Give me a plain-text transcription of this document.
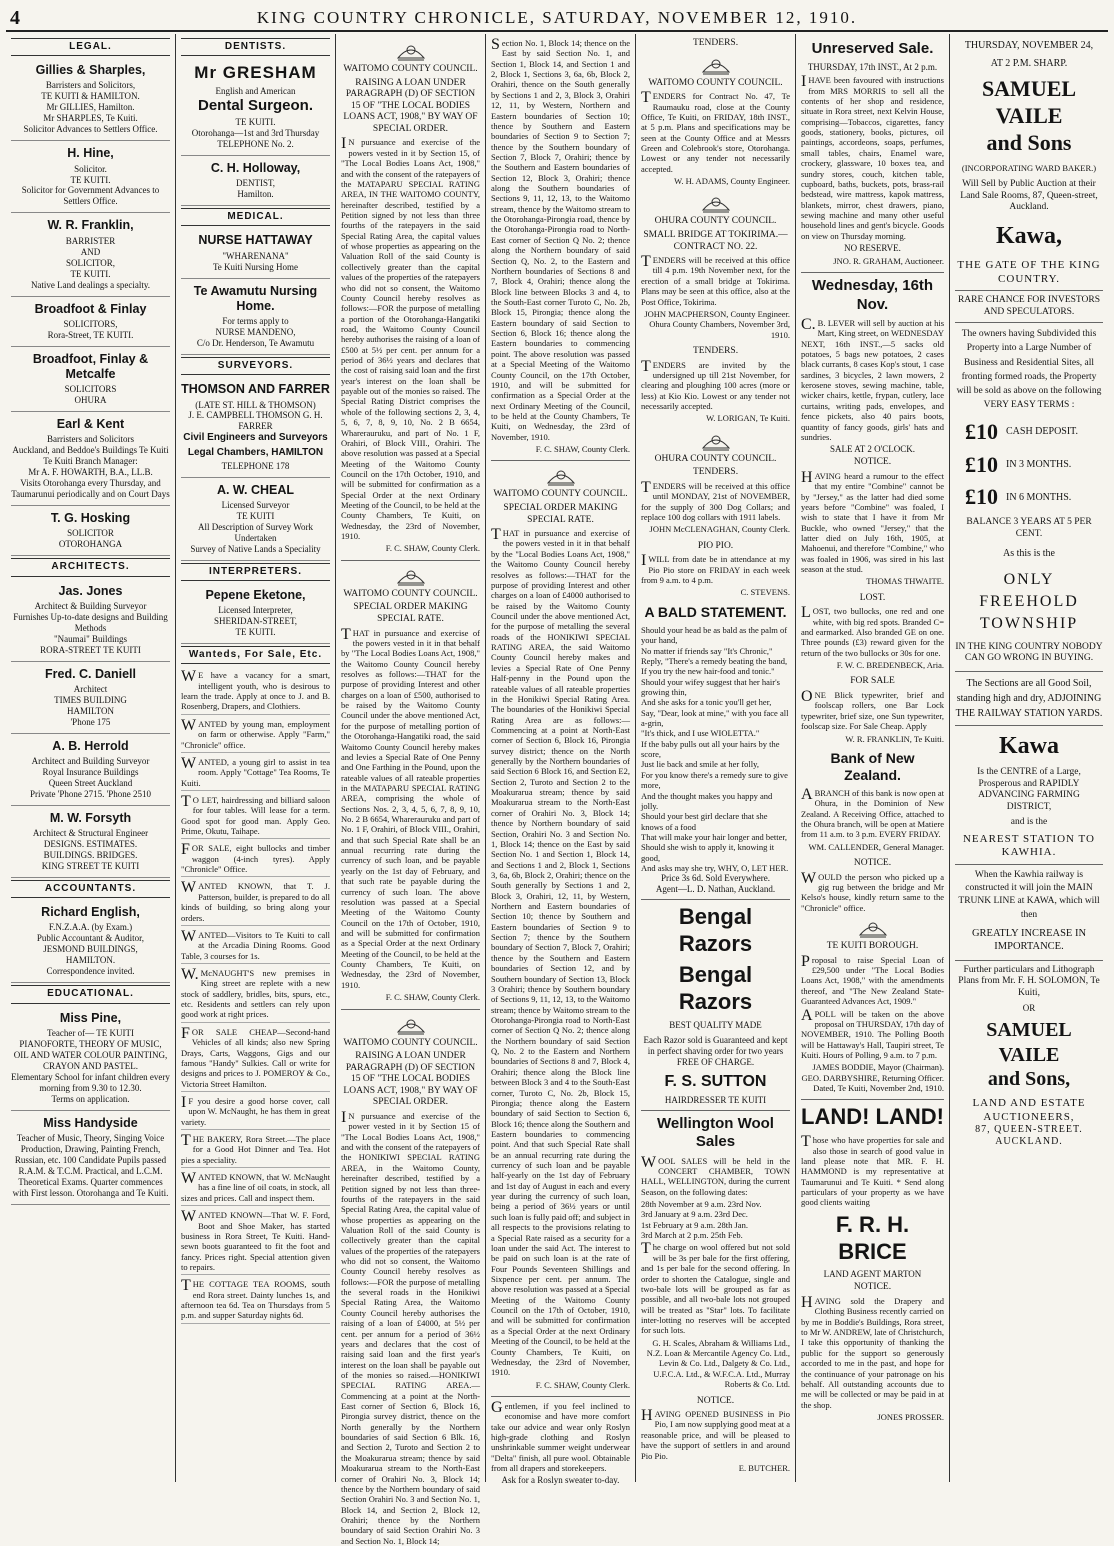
4	KING COUNTRY CHRONICLE, SATURDAY, NOVEMBER 12, 1910.
LEGAL.
Gillies & Sharples,
Barristers and Solicitors,
TE KUITI & HAMILTON.
Mr GILLIES, Hamilton.
Mr SHARPLES, Te Kuiti.
Solicitor Advances to Settlers Office.
H. Hine,
Solicitor.
TE KUITI.
Solicitor for Government Advances to Settlers Office.
W. R. Franklin,
BARRISTER
AND
SOLICITOR,
TE KUITI.
Native Land dealings a specialty.
Broadfoot & Finlay
SOLICITORS,
Rora-Street, TE KUITI.
Broadfoot, Finlay & Metcalfe
SOLICITORS
OHURA
Earl & Kent
Barristers and Solicitors
Auckland, and Beddoe's Buildings Te Kuiti
Te Kuiti Branch Manager:
Mr A. F. HOWARTH, B.A., LL.B.
Visits Otorohanga every Thursday, and Taumarunui periodically and on Court Days
T. G. Hosking
SOLICITOR
OTOROHANGA
ARCHITECTS.
Jas. Jones
Architect & Building Surveyor
Furnishes Up-to-date designs and Building Methods
"Naumai" Buildings
RORA-STREET TE KUITI
Fred. C. Daniell
Architect
TIMES BUILDING
HAMILTON
'Phone 175
A. B. Herrold
Architect and Building Surveyor
Royal Insurance Buildings
Queen Street Auckland
Private 'Phone 2715. 'Phone 2510
M. W. Forsyth
Architect & Structural Engineer
DESIGNS. ESTIMATES.
BUILDINGS. BRIDGES.
KING STREET TE KUITI
ACCOUNTANTS.
Richard English,
F.N.Z.A.A. (by Exam.)
Public Accountant & Auditor,
JESMOND BUILDINGS,
HAMILTON.
Correspondence invited.
EDUCATIONAL.
Miss Pine,
Teacher of— TE KUITI
PIANOFORTE, THEORY OF MUSIC, OIL AND WATER COLOUR PAINTING, CRAYON AND PASTEL.
Elementary School for infant children every morning from 9.30 to 12.30.
Terms on application.
Miss Handyside
Teacher of Music, Theory, Singing Voice Production, Drawing, Painting French, Russian, etc. 100 Candidate Pupils passed R.A.M. & T.C.M. Practical, and L.C.M. Theoretical Exams. Quarter commences with First lesson. Otorohanga and Te Kuiti.
DENTISTS.
Mr GRESHAM
English and American
Dental Surgeon.
TE KUITI.
Otorohanga—1st and 3rd Thursday
TELEPHONE No. 2.
C. H. Holloway,
DENTIST,
Hamilton.
MEDICAL.
NURSE HATTAWAY
"WHARENANA"
Te Kuiti Nursing Home
Te Awamutu Nursing Home.
For terms apply to
NURSE MANDENO,
C/o Dr. Henderson, Te Awamutu
SURVEYORS.
THOMSON AND FARRER
(LATE ST. HILL & THOMSON)
J. E. CAMPBELL THOMSON G. H. FARRER
Civil Engineers and Surveyors
Legal Chambers, HAMILTON
TELEPHONE 178
A. W. CHEAL
Licensed Surveyor
TE KUITI
All Description of Survey Work Undertaken
Survey of Native Lands a Speciality
INTERPRETERS.
Pepene Eketone,
Licensed Interpreter,
SHERIDAN-STREET,
TE KUITI.
Wanteds, For Sale, Etc.
WE have a vacancy for a smart, intelligent youth, who is desirous to learn the trade. Apply at once to J. and B. Rosenberg, Drapers, and Clothiers.
WANTED by young man, employment on farm or otherwise. Apply "Farm," "Chronicle" office.
WANTED, a young girl to assist in tea room. Apply "Cottage" Tea Rooms, Te Kuiti.
TO LET, hairdressing and billiard saloon for four tables. Will lease for a term. Good spot for good man. Apply Geo. Prime, Okutu, Taihape.
FOR SALE, eight bullocks and timber waggon (4-inch tyres). Apply "Chronicle" Office.
WANTED KNOWN, that T. J. Patterson, builder, is prepared to do all kinds of building, so bring along your orders.
WANTED—Visitors to Te Kuiti to call at the Arcadia Dining Rooms. Good Table, 3 courses for 1s.
W.McNAUGHT'S new premises in King street are replete with a new stock of saddlery, bridles, bits, spurs, etc., etc. Residents and settlers can rely upon good work at right prices.
FOR SALE CHEAP—Second-hand Vehicles of all kinds; also new Spring Drays, Carts, Waggons, Gigs and our famous "Handy" Sulkies. Call or write for designs and prices to J. POMEROY & Co., Victoria Street Hamilton.
IF you desire a good horse cover, call upon W. McNaught, he has them in great variety.
THE BAKERY, Rora Street.—The place for a Good Hot Dinner and Tea. Hot pies a speciality.
WANTED KNOWN, that W. McNaught has a fine line of oil coats, in stock, all sizes and prices. Call and inspect them.
WANTED KNOWN—That W. F. Ford, Boot and Shoe Maker, has started business in Rora Street, Te Kuiti. Hand-sewn boots guaranteed to fit the foot and fancy. Prices right. Special attention given to repairs.
THE COTTAGE TEA ROOMS, south end Rora street. Dainty lunches 1s, and afternoon tea 6d. Tea on Thursdays from 5 p.m. and supper Saturday nights 6d.
WAITOMO COUNTY COUNCIL.
RAISING A LOAN UNDER PARAGRAPH (D) OF SECTION 15 OF "THE LOCAL BODIES LOANS ACT, 1908," BY WAY OF SPECIAL ORDER.
IN pursuance and exercise of the powers vested in it by Section 15, of "The Local Bodies Loans Act, 1908," and with the consent of the ratepayers of the MATAPARU SPECIAL RATING AREA, IN THE WAITOMO COUNTY, hereinafter described, testified by a Petition signed by not less than three fourths of the ratepayers in the said Special Rating Area, the capital values of whose properties as appearing on the Valuation Roll of the said County is collectively greater than the capital values of the properties of the ratepayers who did not so consent, the Waitomo County Council hereby resolves as follows:—FOR the purpose of metalling a portion of the Otorohanga-Hangatiki road, the Waitomo County Council hereby authorises the raising of a loan of £500 at 5½ per cent. per annum for a period of 36½ years and declares that the cost of raising said loan and the first year's interest on the loan shall be payable out of the monies so raised. The Special Rating District comprises the whole of the following sections 2, 3, 4, 5, 6, 7, 8, 9, 10, No. 2 B 6654, Wharerauruku, and part of No. 1 F, Orahiri, of Block VIII., Orahiri. The above resolution was passed at a Special Meeting of the Waitomo County Council on the 17th October, 1910, and will be submitted for confirmation as a Special Order at the next Ordinary Meeting of the Council, to be held at the County Chambers, Te Kuiti, on Wednesday, the 23rd of November, 1910.
F. C. SHAW, County Clerk.
WAITOMO COUNTY COUNCIL.
SPECIAL ORDER MAKING SPECIAL RATE.
THAT in pursuance and exercise of the powers vested in it in that behalf by "The Local Bodies Loans Act, 1908," the Waitomo County Council hereby resolves as follows:—THAT for the purpose of providing Interest and other charges on a loan of £500, authorised to be raised by the Waitomo County Council under the above mentioned Act, for the purpose of metalling portion of the Otorohanga-Hangatiki road, the said Waitomo County Council hereby makes and levies a Special Rate of One Penny and One Farthing in the Pound, upon the rateable values of all rateable properties in the MATAPARU SPECIAL RATING AREA, comprising the whole of Sections Nos. 2, 3, 4, 5, 6, 7, 8, 9, 10, No. 2 B 6654, Wharerauruku and part of No. 1 F, Orahiri, of Block VIII., Orahiri, and that such Special Rate shall be an annual recurring rate during the currency of such loan, and be payable yearly on the 1st day of February, and that such rate be payable during the currency of such loan. The above resolution was passed at a Special Meeting of the Waitomo County Council on the 17th of October, 1910, and will be submitted for confirmation as a Special Order at the next Ordinary Meeting of the Council, to be held at the County Chambers, Te Kuiti, on Wednesday, the 23rd of November, 1910.
F. C. SHAW, County Clerk.
WAITOMO COUNTY COUNCIL.
RAISING A LOAN UNDER PARAGRAPH (D) OF SECTION 15 OF "THE LOCAL BODIES LOANS ACT, 1908," BY WAY OF SPECIAL ORDER.
IN pursuance and exercise of the power vested in it by Section 15 of "The Local Bodies Loans Act, 1908," and with the consent of the ratepayers of the HONIKIWI SPECIAL RATING AREA, in the Waitomo County, hereinafter described, testified by a Petition signed by not less than three-fourths of the ratepayers in the said Special Rating Area, the capital value of whose properties as appearing on the Valuation Roll of the said County is collectively greater than the capital values of the properties of the ratepayers who did not so consent, the Waitomo County Council hereby resolves as follows:—FOR the purpose of metalling the several roads in the Honikiwi Special Rating Area, the Waitomo County Council hereby authorises the raising of a loan of £4000, at 5½ per cent. per annum for a period of 36½ years and declares that the cost of raising said loan and the first year's interest on the loan shall be payable out of the monies so raised.—HONIKIWI SPECIAL RATING AREA.—Commencing at a point at the North-East corner of Section 6, Block 16, Pirongia survey district, thence on the North generally by the Northern boundaries of said Section 6 Blk. 16, and Section 2, Turoto and Section 2 to the Moakurarua stream; thence by said Moakurarua stream to the North-East corner of Orahiri No. 3, Block 14; thence by the Northern boundary of said Section Orahiri No. 3 and Section No. 1, Block 14, and Section 2, Block 12, Orahiri; thence by the Northern boundary of said Section Orahiri No. 3 and Section No. 1, Block 14;
Section No. 1, Block 14; thence on the East by said Section No. 1, and Section 1, Block 14, and Section 1 and 2, Block 1, Sections 3, 6a, 6b, Block 2, Orahiri, thence on the South generally by Sections 1 and 2, 3, Block 3, Orahiri 12, 11, by Western, Northern and Eastern boundaries of Section 10; thence by Southern and Eastern boundaries of Section 9 to Section 7; thence by the Southern boundary of Section 7, Block 7, Orahiri; thence by the Southern and Eastern boundaries of Section 12, Block 3, Orahiri; thence along the Southern boundaries of Sections 9, 11, 12, 13, to the Waitomo stream, thence by the Waitomo stream to the Otorohanga-Pirongia road, thence by the Otorohanga-Pirongia road to North-East corner of Section Q No. 2; thence along the Northern boundary of said Section Q, No. 2, to the Eastern and Northern boundaries of Sections 8 and 7, Block 4, Orahiri; thence along the Block line between Blocks 3 and 4, to the South-East corner Turoto C, No. 2b, Block 15, Pirongia; thence along the Eastern boundary of said Section to Section 6, Block 16; thence along the Eastern boundaries to commencing point. The above resolution was passed at a Special Meeting of the Waitomo County Council, on the 17th October, 1910, and will be submitted for confirmation as a Special Order at the next Ordinary Meeting of the Council, to be held at the County Chambers, Te Kuiti, on Wednesday, the 23rd of November, 1910.
F. C. SHAW, County Clerk.
WAITOMO COUNTY COUNCIL.
SPECIAL ORDER MAKING SPECIAL RATE.
THAT in pursuance and exercise of the powers vested in it in that behalf by the "Local Bodies Loans Act, 1908," the Waitomo County Council hereby resolves as follows:—THAT for the purpose of providing Interest and other charges on a loan of £4000 authorised to be raised by the Waitomo County Council under the above mentioned Act, for the purpose of metalling the several roads of the HONIKIWI SPECIAL RATING AREA, the said Waitomo County Council hereby makes and levies a Special Rate of One Penny Half-penny in the Pound upon the rateable values of all rateable properties in the Honikiwi Special Rating Area. The boundaries of the Honikiwi Special Rating Area are as follows:—Commencing at a point at North-East corner of Section 6, Block 16, Pirongia survey district; thence on the North generally by the Northern boundaries of said Section 6 Block 16, and Section E2, Section 2, Turoto and Section 2 to the Moakurarua stream; thence by said Moakurarua stream to the North-East corner of Orahiri No. 3, Block 14; thence by Northern boundary of said Section, Orahiri No. 3 and Section No. 1, Block 14; thence on the East by said Section No. 1 and Section 1, Block 14, and Sections 1 and 2, Block 1, Sections 3, 6a, 6b, Block 2, Orahiri; thence on the South generally by Sections 1 and 2, Block 3, Orahiri, 12, 11, by Western, Northern and Eastern boundaries of Section 10; thence by Southern and Eastern boundaries of Section 9 to Section 7; thence by the Southern boundary of Section 7, Block 7, Orahiri; thence by the Southern and Eastern boundaries of Section 12, and by Southern boundary of Section 13, Block 3 Orahiri; thence by Southern boundary of Sections 9, 11, 12, 13, to the Waitomo stream; thence by Waitomo stream to the Otorohanga-Pirongia road to North-East corner of Section Q No. 2; thence along the Northern boundary of said Section Q, No. 2 to the Eastern and Northern boundaries of Sections 8 and 7, Block 4, Orahiri; thence along the Block line between Block 3 and 4 to the South-East corner, Turoto C, No. 2b, Block 15, Pirongia; thence along the Eastern boundary of said Section to Section 6, Block 16; thence along the Southern and Eastern boundaries to commencing point. And that such Special Rate shall be an annual recurring rate during the currency of such loan and be payable half-yearly on the 1st day of February and 1st day of August in each and every year during the currency of such loan, being a period of 36½ years or until such loan is fully paid off; and subject in all respects to the provisions relating to a Special Rate raised as a security for a loan under the said Act. The interest to be paid on such loan is at the rate of Four Pounds Seventeen Shillings and Sixpence per cent. per annum. The above resolution was passed at a Special Meeting of the Waitomo County Council on the 17th of October, 1910, and will be submitted for confirmation as a Special Order at the next Ordinary Meeting of the Council, to be held at the County Chambers, Te Kuiti, on Wednesday, the 23rd of November, 1910.
F. C. SHAW, County Clerk.
Gentlemen, if you feel inclined to economise and have more comfort take our advice and wear only Roslyn high-grade clothing and Roslyn unshrinkable summer weight underwear "Delta" finish, all pure wool. Obtainable from all drapers and storekeepers.
Ask for a Roslyn sweater to-day.
TENDERS.
WAITOMO COUNTY COUNCIL.
TENDERS for Contract No. 47, Te Raumauku road, close at the County Office, Te Kuiti, on FRIDAY, 18th INST., at 5 p.m. Plans and specifications may be seen at the County Office and at Messrs Green and Colebrook's store, Otorohanga. Lowest or any tender not necessarily accepted.
W. H. ADAMS, County Engineer.
OHURA COUNTY COUNCIL.
SMALL BRIDGE AT TOKIRIMA.—CONTRACT NO. 22.
TENDERS will be received at this office till 4 p.m. 19th November next, for the erection of a small bridge at Tokirima. Plans may be seen at this office, also at the Post Office, Tokirima.
JOHN MACPHERSON, County Engineer. Ohura County Chambers, November 3rd, 1910.
TENDERS.
TENDERS are invited by the undersigned up till 21st November, for clearing and ploughing 100 acres (more or less) at Kio Kio. Lowest or any tender not necessarily accepted.
W. LORIGAN, Te Kuiti.
OHURA COUNTY COUNCIL.
TENDERS.
TENDERS will be received at this office until MONDAY, 21st of NOVEMBER, for the supply of 300 Dog Collars; and replace 100 dog collars with 1911 labels.
JOHN McCLENAGHAN, County Clerk.
PIO PIO.
IWILL from date be in attendance at my Pio Pio store on FRIDAY in each week from 9 a.m. to 4 p.m.
C. STEVENS.
A BALD STATEMENT.
Should your head be as bald as the palm of your hand,
No matter if friends say "It's Chronic,"
Reply, "There's a remedy beating the band,
If you try the new hair-food and tonic."
Should your wifey suggest that her hair's growing thin,
And she asks for a tonic you'll get her,
Say, "Dear, look at mine," with you face all a-grin,
"It's thick, and I use WIOLETTA."
If the baby pulls out all your hairs by the score,
Just lie back and smile at her folly,
For you know there's a remedy sure to give more,
And the thought makes you happy and jolly.
Should your best girl declare that she knows of a food
That will make your hair longer and better,
Should she wish to apply it, knowing it good,
And asks may she try, WHY, O, LET HER.
Price 3s 6d. Sold Everywhere.
Agent—L. D. Nathan, Auckland.
Bengal Razors
Bengal Razors
BEST QUALITY MADE
Each Razor sold is Guaranteed and kept in perfect shaving order for two years FREE OF CHARGE.
F. S. SUTTON
HAIRDRESSER TE KUITI
Wellington Wool Sales
WOOL SALES will be held in the CONCERT CHAMBER, TOWN HALL, WELLINGTON, during the current Season, on the following dates:
28th November at 9 a.m. 23rd Nov.
3rd January at 9 a.m. 23rd Dec.
1st February at 9 a.m. 28th Jan.
3rd March at 2 p.m. 25th Feb.
The charge on wool offered but not sold will be 3s per bale for the first offering, and 1s per bale for the second offering. In order to shorten the Catalogue, single and two-bale lots will be grouped as far as possible, and all two-bale lots not grouped will be treated as "Star" lots. To facilitate inter-lotting no reserves will be accepted for such lots.
G. H. Scales, Abraham & Williams Ltd., N.Z. Loan & Mercantile Agency Co. Ltd., Levin & Co. Ltd., Dalgety & Co. Ltd., U.F.C.A. Ltd., & W.F.C.A. Ltd., Murray Roberts & Co. Ltd.
NOTICE.
HAVING OPENED BUSINESS in Pio Pio, I am now supplying good meat at a reasonable price, and will be pleased to have the support of settlers in and around Pio Pio.
E. BUTCHER.
Unreserved Sale.
THURSDAY, 17th INST., At 2 p.m.
IHAVE been favoured with instructions from MRS MORRIS to sell all the contents of her shop and residence, situate in Rora street, next Kelvin House, comprising—Tobaccos, cigarettes, fancy goods, stationery, books, pictures, oil paintings, accordeons, soaps, perfumes, small tables, chairs, Enamel ware, crockery, glassware, 10 boxes tea, and sundry stores, couch, kitchen table, cupboard, baths, buckets, pots, brass-rail bedstead, wire mattress, kapok mattress, blankets, mirror, chest drawers, piano, sewing machine and many other useful household lines and gent's bicycle. Goods on view on Thursday morning.
NO RESERVE.
JNO. R. GRAHAM, Auctioneer.
Wednesday, 16th Nov.
C.B. LEVER will sell by auction at his Mart, King street, on WEDNESDAY NEXT, 16th INST.,—5 sacks old potatoes, 5 bags new potatoes, 2 cases black currants, 8 cases Kop's stout, 1 case sardines, 3 bicycles, 2 lawn mowers, 2 kerosene stoves, sewing machine, table, wicker chairs, kettle, frypan, cutlery, lace curtains, writing pads, envelopes, and fence pickets, also 40 pairs boots, quantity of fancy goods, girls' hats and sundries.
SALE AT 2 O'CLOCK.
NOTICE.
HAVING heard a rumour to the effect that my entire "Combine" cannot be by "Jersey," as the latter had died some years before "Combine" was foaled, I wish to state that I have it from Mr Buckle, who owned "Jersey," that the latter died on July 16th, 1905, at Mahoenui, and therefore "Combine," who was foaled in 1906, was sired in his last season at the stud.
THOMAS THWAITE.
LOST.
LOST, two bullocks, one red and one white, with big red spots. Branded C= and earmarked. Also branded GE on one. Three pounds (£3) reward given for the return of the two bullocks or 30s for one.
F. W. C. BREDENBECK, Aria.
FOR SALE
ONE Blick typewriter, brief and foolscap rollers, one Bar Lock typewriter, brief size, one Sun typewriter, foolscap size. For Sale Cheap. Apply
W. R. FRANKLIN, Te Kuiti.
Bank of New Zealand.
ABRANCH of this bank is now open at Ohura, in the Dominion of New Zealand. A Receiving Office, attached to the Ohura branch, will be open at Matiere from 11 a.m. to 3 p.m. EVERY FRIDAY.
WM. CALLENDER, General Manager.
NOTICE.
WOULD the person who picked up a gig rug between the bridge and Mr Kelso's house, kindly return same to the "Chronicle" office.
TE KUITI BOROUGH.
Proposal to raise Special Loan of £29,500 under "The Local Bodies Loans Act, 1908," with the amendments thereof, and "The New Zealand State-Guaranteed Advances Act, 1909."
APOLL will be taken on the above proposal on THURSDAY, 17th day of NOVEMBER, 1910. The Polling Booth will be Hattaway's Hall, Taupiri street, Te Kuiti. Hours of Polling, 9 a.m. to 7 p.m.
JAMES BODDIE, Mayor (Chairman). GEO. DARBYSHIRE, Returning Officer. Dated, Te Kuiti, November 2nd, 1910.
LAND! LAND!
Those who have properties for sale and also those in search of good value in land please note that MR. F. H. HAMMOND is my representative at Taumarunui and Te Kuiti. * Send along particulars of your property as we have good clients waiting
F. R. H. BRICE
LAND AGENT MARTON
NOTICE.
HAVING sold the Drapery and Clothing Business recently carried on by me in Boddie's Buildings, Rora street, to Mr W. ANDREW, late of Christchurch, I take this opportunity of thanking the public for the support so generously accorded to me in the past, and hope for the continuance of your patronage on his behalf. All outstanding accounts due to me will be collected or may be paid in at the shop.
JONES PROSSER.
THURSDAY, NOVEMBER 24,
AT 2 P.M. SHARP.
SAMUEL VAILE
and Sons
(INCORPORATING WARD BAKER.)
Will Sell by Public Auction at their Land Sale Rooms, 87, Queen-street, Auckland.
Kawa,
THE GATE OF THE KING COUNTRY.
RARE CHANCE FOR INVESTORS AND SPECULATORS.
The owners having Subdivided this Property into a Large Number of Business and Residential Sites, all fronting formed roads, the Property will be sold as above on the following VERY EASY TERMS :
£10 CASH DEPOSIT.
£10 IN 3 MONTHS.
£10 IN 6 MONTHS.
BALANCE 3 YEARS AT 5 PER CENT.
As this is the
ONLY FREEHOLD TOWNSHIP
IN THE KING COUNTRY NOBODY CAN GO WRONG IN BUYING.
The Sections are all Good Soil, standing high and dry, ADJOINING THE RAILWAY STATION YARDS.
Kawa
Is the CENTRE of a Large, Prosperous and RAPIDLY ADVANCING FARMING DISTRICT,
and is the
NEAREST STATION TO KAWHIA.
When the Kawhia railway is constructed it will join the MAIN TRUNK LINE at KAWA, which will then
GREATLY INCREASE IN IMPORTANCE.
Further particulars and Lithograph Plans from Mr. F. H. SOLOMON, Te Kuiti,
OR
SAMUEL VAILE
and Sons,
LAND AND ESTATE AUCTIONEERS,
87, QUEEN-STREET. AUCKLAND.
